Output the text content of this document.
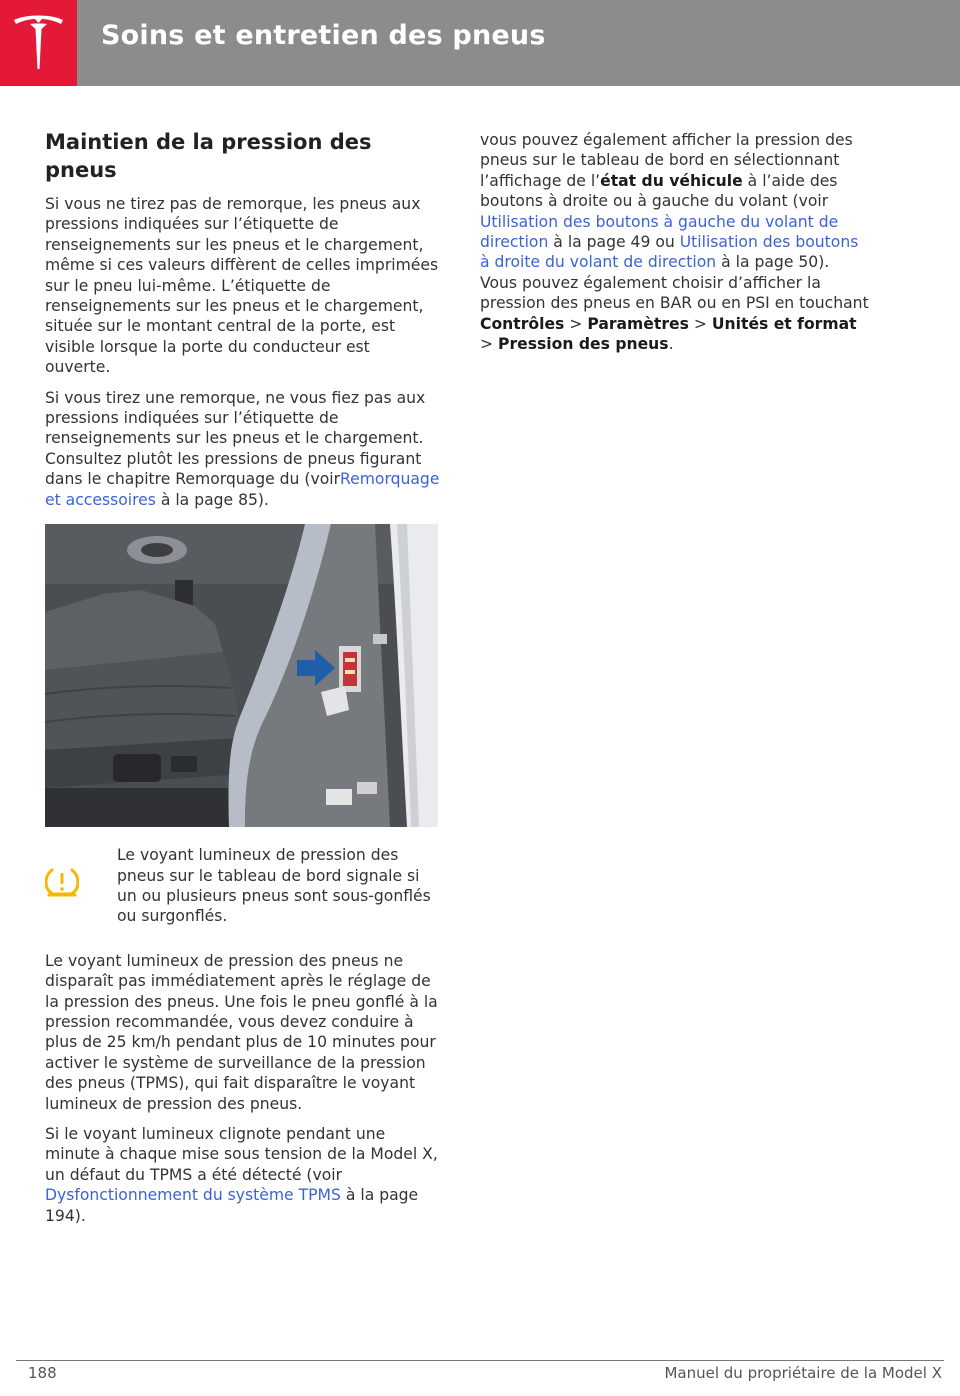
Soins et entretien des pneus
Maintien de la pression des pneus

Si vous ne tirez pas de remorque, les pneus aux pressions indiquées sur l’étiquette de renseignements sur les pneus et le chargement, même si ces valeurs diffèrent de celles imprimées sur le pneu lui-même. L’étiquette de renseignements sur les pneus et le chargement, située sur le montant central de la porte, est visible lorsque la porte du conducteur est ouverte.

Si vous tirez une remorque, ne vous fiez pas aux pressions indiquées sur l’étiquette de renseignements sur les pneus et le chargement. Consultez plutôt les pressions de pneus figurant dans le chapitre Remorquage du (voirRemorquage et accessoires à la page 85).

Le voyant lumineux de pression des pneus sur le tableau de bord signale si un ou plusieurs pneus sont sous-gonflés ou surgonflés.

Le voyant lumineux de pression des pneus ne disparaît pas immédiatement après le réglage de la pression des pneus. Une fois le pneu gonflé à la pression recommandée, vous devez conduire à plus de 25 km/h pendant plus de 10 minutes pour activer le système de surveillance de la pression des pneus (TPMS), qui fait disparaître le voyant lumineux de pression des pneus.

Si le voyant lumineux clignote pendant une minute à chaque mise sous tension de la Model X, un défaut du TPMS a été détecté (voir Dysfonctionnement du système TPMS à la page 194).

vous pouvez également afficher la pression des pneus sur le tableau de bord en sélectionnant l’affichage de l’état du véhicule à l’aide des boutons à droite ou à gauche du volant (voir Utilisation des boutons à gauche du volant de direction à la page 49 ou Utilisation des boutons à droite du volant de direction à la page 50). Vous pouvez également choisir d’afficher la pression des pneus en BAR ou en PSI en touchant Contrôles > Paramètres > Unités et format > Pression des pneus.

188	Manuel du propriétaire de la Model X
